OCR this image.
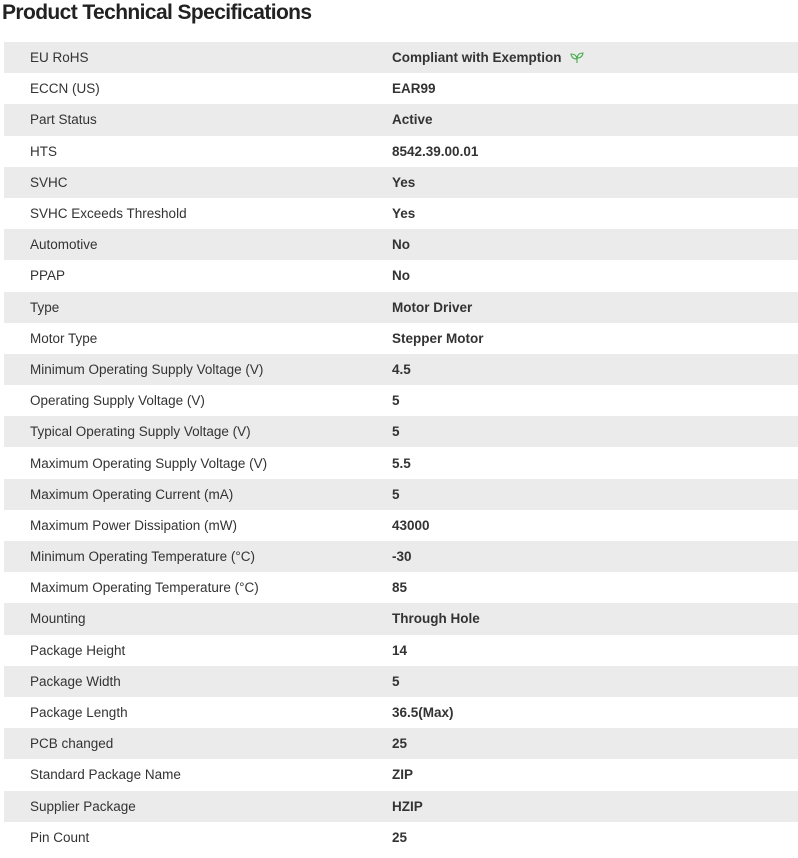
Product Technical Specifications
EU RoHS	Compliant with Exemption
ECCN (US)	EAR99
Part Status	Active
HTS	8542.39.00.01
SVHC	Yes
SVHC Exceeds Threshold	Yes
Automotive	No
PPAP	No
Type	Motor Driver
Motor Type	Stepper Motor
Minimum Operating Supply Voltage (V)	4.5
Operating Supply Voltage (V)	5
Typical Operating Supply Voltage (V)	5
Maximum Operating Supply Voltage (V)	5.5
Maximum Operating Current (mA)	5
Maximum Power Dissipation (mW)	43000
Minimum Operating Temperature (°C)	-30
Maximum Operating Temperature (°C)	85
Mounting	Through Hole
Package Height	14
Package Width	5
Package Length	36.5(Max)
PCB changed	25
Standard Package Name	ZIP
Supplier Package	HZIP
Pin Count	25
